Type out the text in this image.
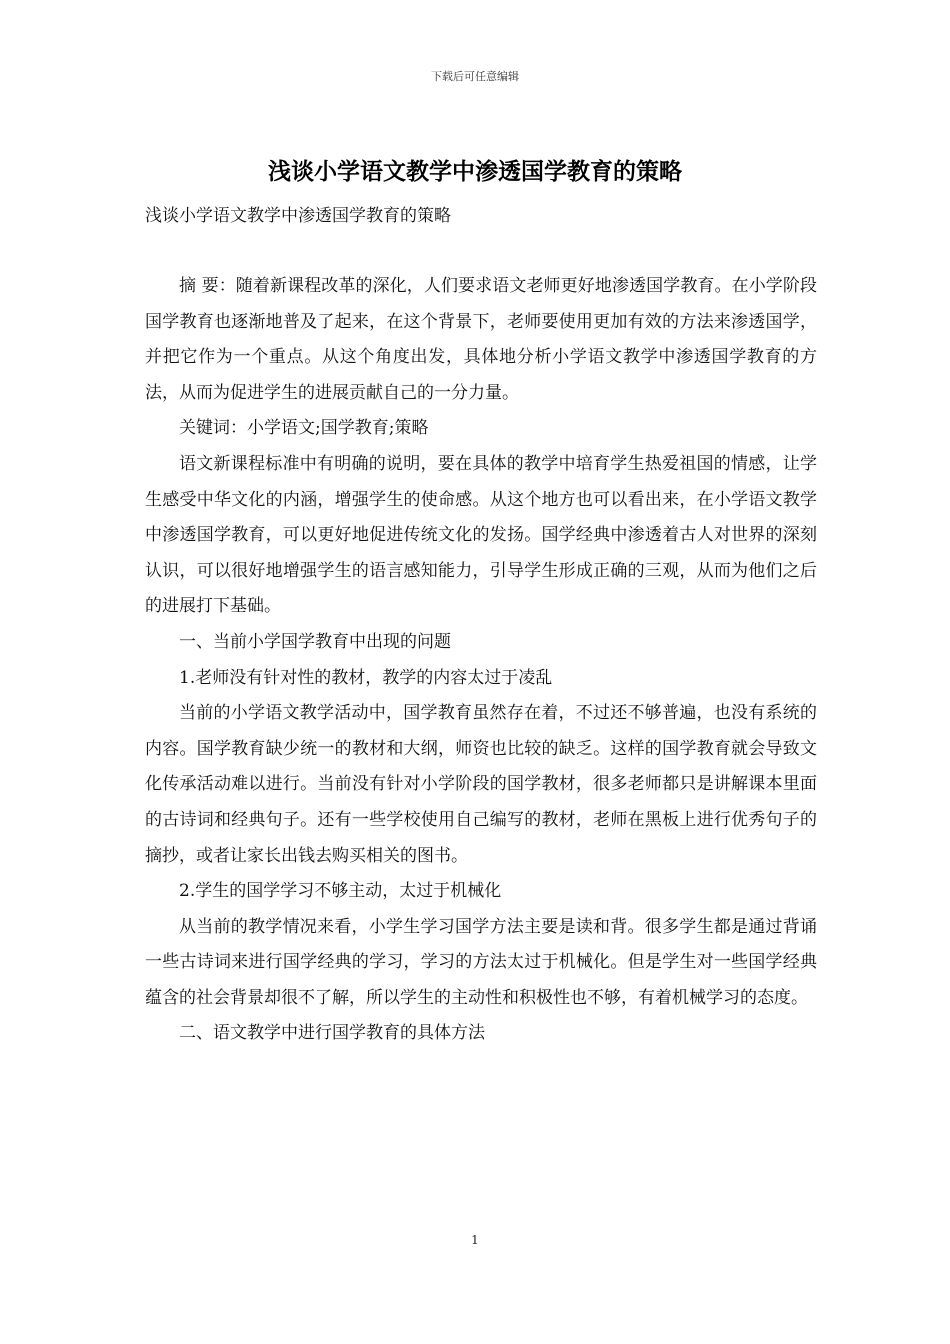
下载后可任意编辑
浅谈小学语文教学中渗透国学教育的策略
浅谈小学语文教学中渗透国学教育的策略

摘 要：随着新课程改革的深化，人们要求语文老师更好地渗透国学教育。在小学阶段国学教育也逐渐地普及了起来，在这个背景下，老师要使用更加有效的方法来渗透国学，并把它作为一个重点。从这个角度出发，具体地分析小学语文教学中渗透国学教育的方法，从而为促进学生的进展贡献自己的一分力量。

关键词：小学语文;国学教育;策略

语文新课程标准中有明确的说明，要在具体的教学中培育学生热爱祖国的情感，让学生感受中华文化的内涵，增强学生的使命感。从这个地方也可以看出来，在小学语文教学中渗透国学教育，可以更好地促进传统文化的发扬。国学经典中渗透着古人对世界的深刻认识，可以很好地增强学生的语言感知能力，引导学生形成正确的三观，从而为他们之后的进展打下基础。

一、当前小学国学教育中出现的问题

1.老师没有针对性的教材，教学的内容太过于凌乱

当前的小学语文教学活动中，国学教育虽然存在着，不过还不够普遍，也没有系统的内容。国学教育缺少统一的教材和大纲，师资也比较的缺乏。这样的国学教育就会导致文化传承活动难以进行。当前没有针对小学阶段的国学教材，很多老师都只是讲解课本里面的古诗词和经典句子。还有一些学校使用自己编写的教材，老师在黑板上进行优秀句子的摘抄，或者让家长出钱去购买相关的图书。

2.学生的国学学习不够主动，太过于机械化

从当前的教学情况来看，小学生学习国学方法主要是读和背。很多学生都是通过背诵一些古诗词来进行国学经典的学习，学习的方法太过于机械化。但是学生对一些国学经典蕴含的社会背景却很不了解，所以学生的主动性和积极性也不够，有着机械学习的态度。

二、语文教学中进行国学教育的具体方法

1
